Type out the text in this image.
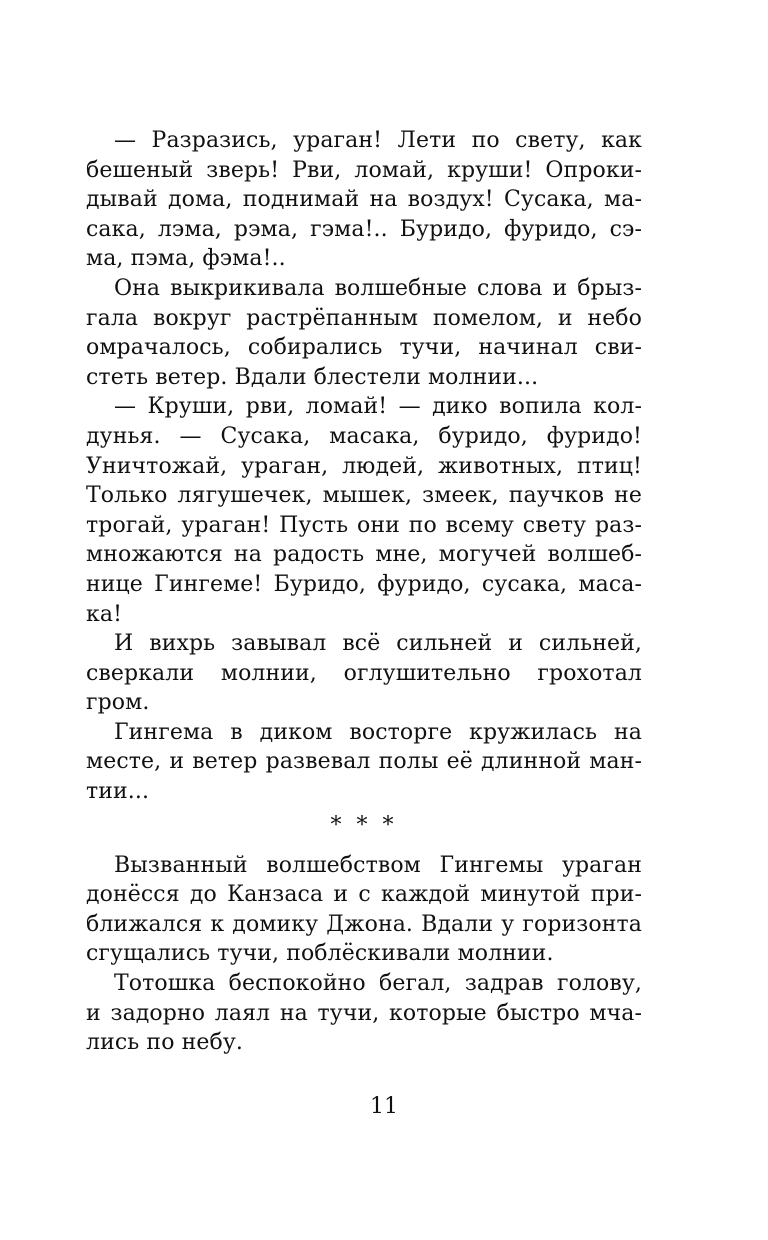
— Разразись, ураган! Лети по свету, как
бешеный зверь! Рви, ломай, круши! Опроки-
дывай дома, поднимай на воздух! Сусака, ма-
сака, лэма, рэма, гэма!.. Буридо, фуридо, сэ-
ма, пэма, фэма!..
Она выкрикивала волшебные слова и брыз-
гала вокруг растрёпанным помелом, и небо
омрачалось, собирались тучи, начинал сви-
стеть ветер. Вдали блестели молнии...
— Круши, рви, ломай! — дико вопила кол-
дунья. — Сусака, масака, буридо, фуридо!
Уничтожай, ураган, людей, животных, птиц!
Только лягушечек, мышек, змеек, паучков не
трогай, ураган! Пусть они по всему свету раз-
множаются на радость мне, могучей волшеб-
нице Гингеме! Буридо, фуридо, сусака, маса-
ка!
И вихрь завывал всё сильней и сильней,
сверкали молнии, оглушительно грохотал
гром.
Гингема в диком восторге кружилась на
месте, и ветер развевал полы её длинной ман-
тии...
* * *
Вызванный волшебством Гингемы ураган
донёсся до Канзаса и с каждой минутой при-
ближался к домику Джона. Вдали у горизонта
сгущались тучи, поблёскивали молнии.
Тотошка беспокойно бегал, задрав голову,
и задорно лаял на тучи, которые быстро мча-
лись по небу.
11
